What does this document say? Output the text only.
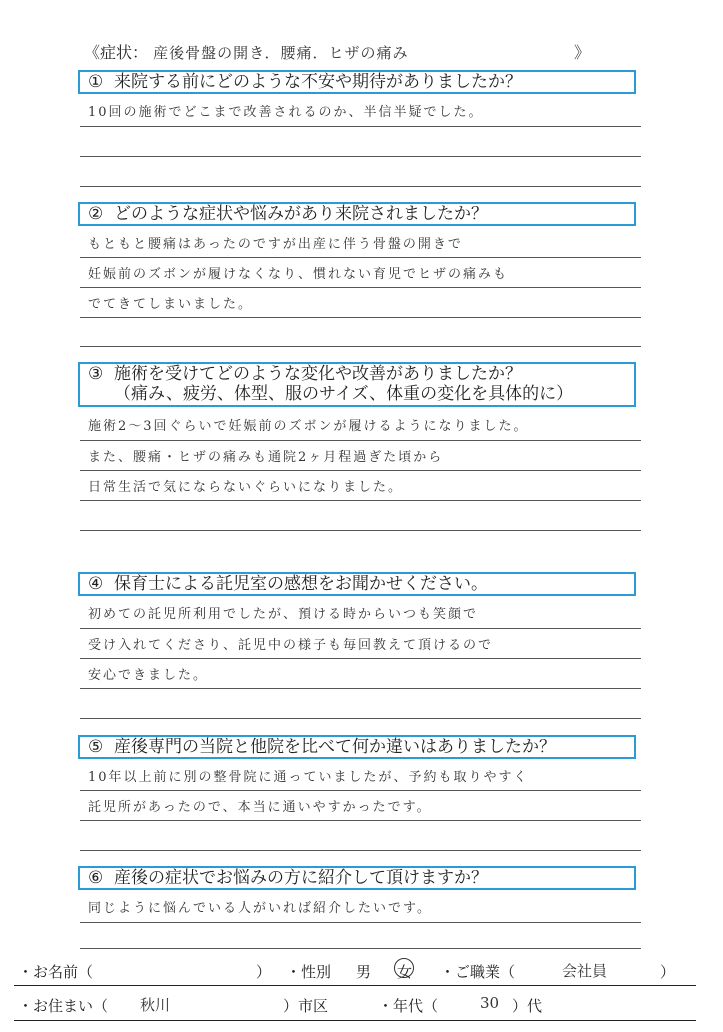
《症状： 産後骨盤の開き．腰痛．ヒザの痛み	》
① 来院する前にどのような不安や期待がありましたか？
10回の施術でどこまで改善されるのか、半信半疑でした。
② どのような症状や悩みがあり来院されましたか？
もともと腰痛はあったのですが出産に伴う骨盤の開きで
妊娠前のズボンが履けなくなり、慣れない育児でヒザの痛みも
でてきてしまいました。
③ 施術を受けてどのような変化や改善がありましたか？
（痛み、疲労、体型、服のサイズ、体重の変化を具体的に）
施術2〜3回ぐらいで妊娠前のズボンが履けるようになりました。
また、腰痛・ヒザの痛みも通院2ヶ月程過ぎた頃から
日常生活で気にならないぐらいになりました。
④ 保育士による託児室の感想をお聞かせください。
初めての託児所利用でしたが、預ける時からいつも笑顔で
受け入れてくださり、託児中の様子も毎回教えて頂けるので
安心できました。
⑤ 産後専門の当院と他院を比べて何か違いはありましたか？
10年以上前に別の整骨院に通っていましたが、予約も取りやすく
託児所があったので、本当に通いやすかったです。
⑥ 産後の症状でお悩みの方に紹介して頂けますか？
同じように悩んでいる人がいれば紹介したいです。
・お名前（	） ・性別 男 女 ・ご職業（	会社員	）
・お住まい（ 秋川	）市区	・年代（	30 ）代
